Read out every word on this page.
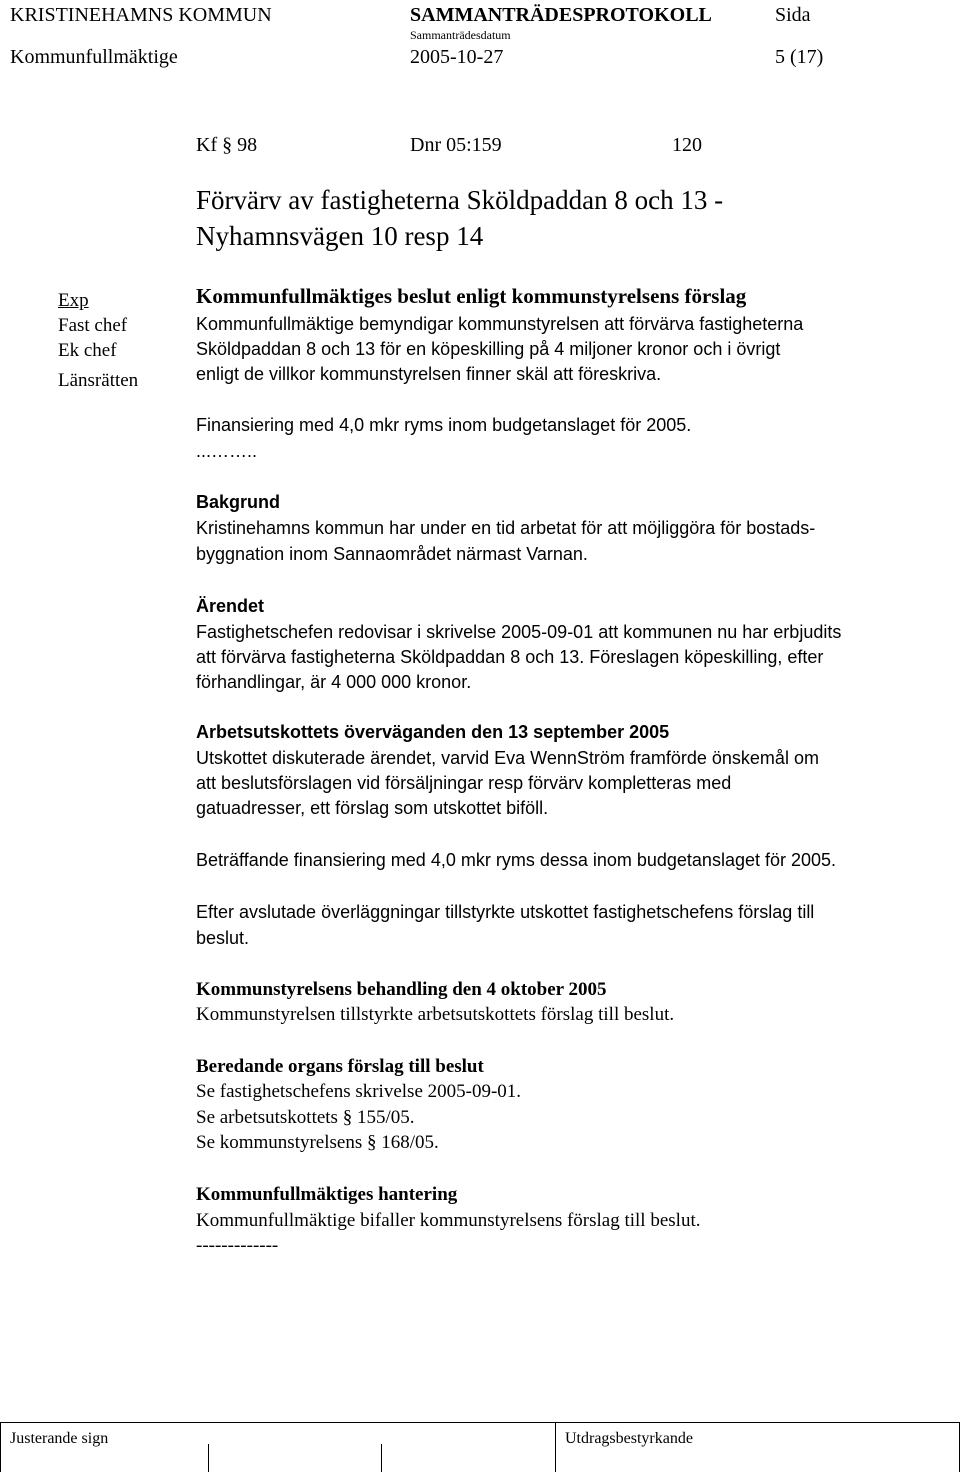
KRISTINEHAMNS KOMMUN	SAMMANTRÄDESPROTOKOLL	Sida
Sammanträdesdatum
Kommunfullmäktige	2005-10-27	5 (17)
Kf § 98	Dnr 05:159	120
Förvärv av fastigheterna Sköldpaddan 8 och 13 -
Nyhamnsvägen 10 resp 14
Exp
Fast chef
Ek chef
Länsrätten
Kommunfullmäktiges beslut enligt kommunstyrelsens förslag
Kommunfullmäktige bemyndigar kommunstyrelsen att förvärva fastigheterna
Sköldpaddan 8 och 13 för en köpeskilling på 4 miljoner kronor och i övrigt
enligt de villkor kommunstyrelsen finner skäl att föreskriva.
Finansiering med 4,0 mkr ryms inom budgetanslaget för 2005.
...……..
Bakgrund
Kristinehamns kommun har under en tid arbetat för att möjliggöra för bostads-
byggnation inom Sannaområdet närmast Varnan.
Ärendet
Fastighetschefen redovisar i skrivelse 2005-09-01 att kommunen nu har erbjudits
att förvärva fastigheterna Sköldpaddan 8 och 13. Föreslagen köpeskilling, efter
förhandlingar, är 4 000 000 kronor.
Arbetsutskottets överväganden den 13 september 2005
Utskottet diskuterade ärendet, varvid Eva WennStröm framförde önskemål om
att beslutsförslagen vid försäljningar resp förvärv kompletteras med
gatuadresser, ett förslag som utskottet biföll.
Beträffande finansiering med 4,0 mkr ryms dessa inom budgetanslaget för 2005.
Efter avslutade överläggningar tillstyrkte utskottet fastighetschefens förslag till
beslut.
Kommunstyrelsens behandling den 4 oktober 2005
Kommunstyrelsen tillstyrkte arbetsutskottets förslag till beslut.
Beredande organs förslag till beslut
Se fastighetschefens skrivelse 2005-09-01.
Se arbetsutskottets § 155/05.
Se kommunstyrelsens § 168/05.
Kommunfullmäktiges hantering
Kommunfullmäktige bifaller kommunstyrelsens förslag till beslut.
-------------
Justerande sign	Utdragsbestyrkande
